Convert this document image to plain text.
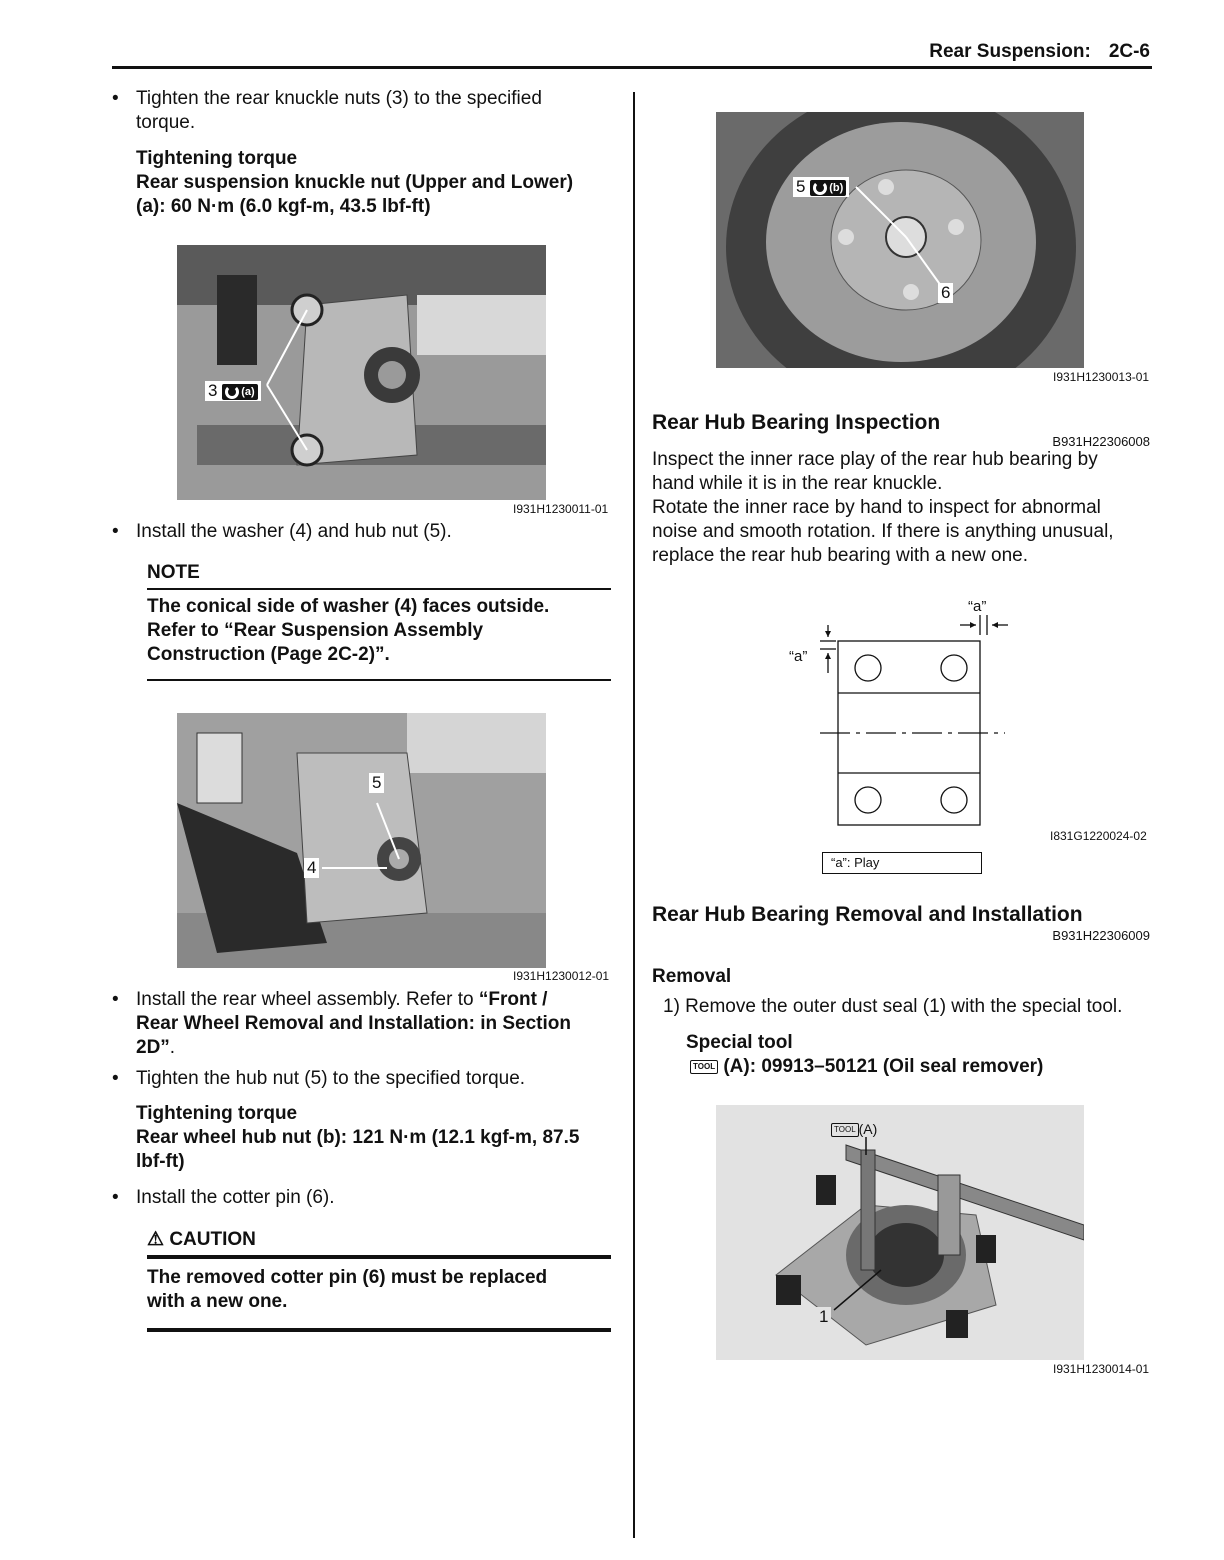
Rear Suspension: 2C-6
• Tighten the rear knuckle nuts (3) to the specified torque.
Tightening torque
Rear suspension knuckle nut (Upper and Lower)
(a): 60 N·m (6.0 kgf-m, 43.5 lbf-ft)
3 (a)
I931H1230011-01
• Install the washer (4) and hub nut (5).
NOTE
The conical side of washer (4) faces outside.
Refer to “Rear Suspension Assembly
Construction (Page 2C-2)”.
5
4
I931H1230012-01
• Install the rear wheel assembly. Refer to “Front /
Rear Wheel Removal and Installation: in Section
2D”.
• Tighten the hub nut (5) to the specified torque.
Tightening torque
Rear wheel hub nut (b): 121 N·m (12.1 kgf-m, 87.5
lbf-ft)
• Install the cotter pin (6).
⚠ CAUTION
The removed cotter pin (6) must be replaced
with a new one.
5 (b)
6
I931H1230013-01
Rear Hub Bearing Inspection
B931H22306008
Inspect the inner race play of the rear hub bearing by
hand while it is in the rear knuckle.
Rotate the inner race by hand to inspect for abnormal
noise and smooth rotation. If there is anything unusual,
replace the rear hub bearing with a new one.
“a”
“a”
I831G1220024-02
“a”: Play
Rear Hub Bearing Removal and Installation
B931H22306009
Removal
1) Remove the outer dust seal (1) with the special tool.
Special tool
TOOL (A): 09913–50121 (Oil seal remover)
TOOL (A)
1
I931H1230014-01
